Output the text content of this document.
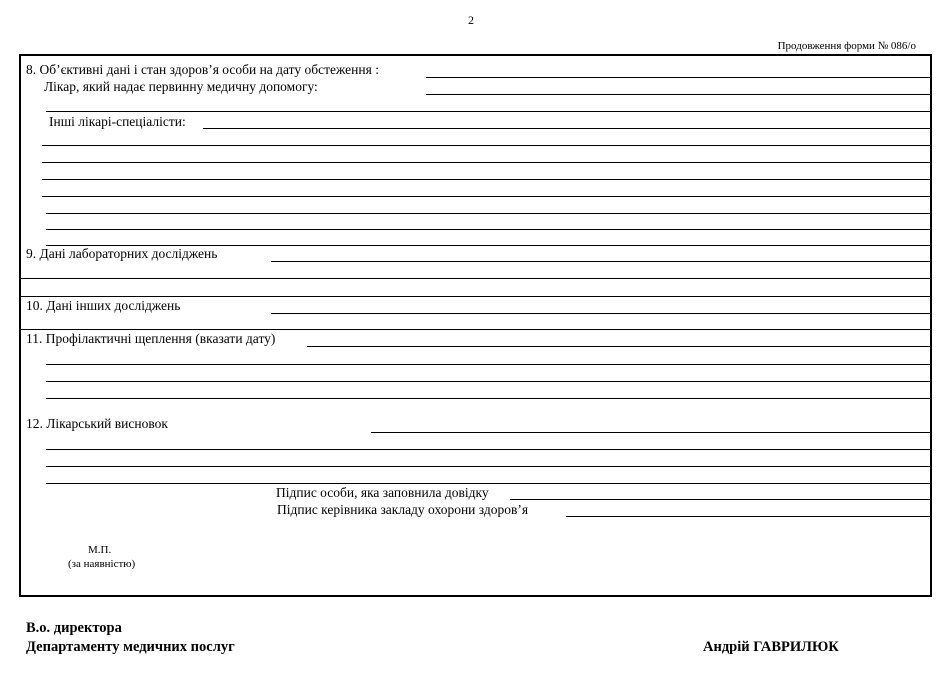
2
Продовження форми № 086/о
8. Об’єктивні дані і стан здоров’я особи на дату обстеження :
Лікар, який надає первинну медичну допомогу:
Інші лікарі-спеціалісти:
9. Дані лабораторних досліджень
10. Дані інших досліджень
11. Профілактичні щеплення (вказати дату)
12. Лікарський висновок
Підпис особи, яка заповнила довідку
Підпис керівника закладу охорони здоров’я
М.П.
(за наявністю)
В.о. директора
Департаменту медичних послуг	Андрій ГАВРИЛЮК
